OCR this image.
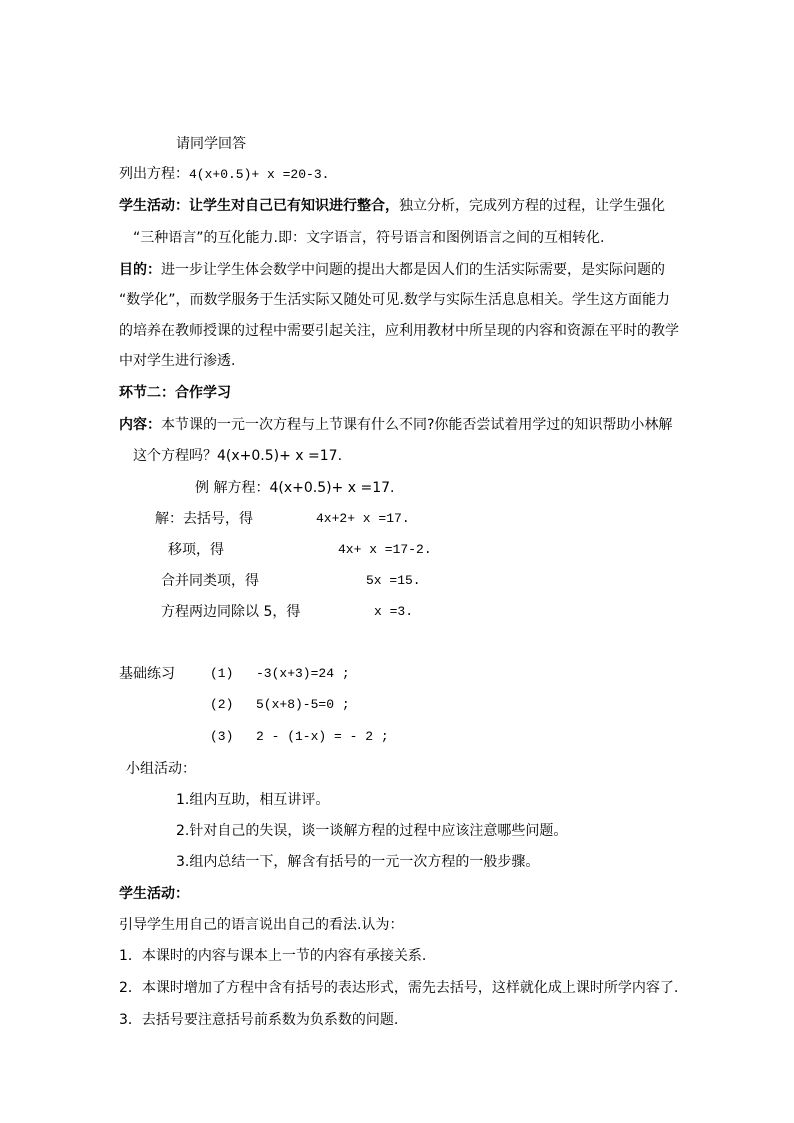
请同学回答
列出方程：4(x+0.5)+ x =20-3.
学生活动：让学生对自己已有知识进行整合，独立分析，完成列方程的过程，让学生强化
“三种语言”的互化能力.即：文字语言，符号语言和图例语言之间的互相转化.
目的：进一步让学生体会数学中问题的提出大都是因人们的生活实际需要，是实际问题的
“数学化”，而数学服务于生活实际又随处可见.数学与实际生活息息相关。学生这方面能力
的培养在教师授课的过程中需要引起关注，应利用教材中所呈现的内容和资源在平时的教学
中对学生进行渗透.
环节二：合作学习
内容：本节课的一元一次方程与上节课有什么不同?你能否尝试着用学过的知识帮助小林解
这个方程吗？4(x+0.5)+ x =17.
例 解方程：4(x+0.5)+ x =17.
解：去括号，得	4x+2+ x =17.
移项，得	4x+ x =17-2.
合并同类项，得	5x =15.
方程两边同除以 5，得	x =3.
基础练习	(1) -3(x+3)=24 ;
(2) 5(x+8)-5=0 ;
(3) 2 - (1-x) = - 2 ;
小组活动：
1.组内互助，相互讲评。
2.针对自己的失误，谈一谈解方程的过程中应该注意哪些问题。
3.组内总结一下，解含有括号的一元一次方程的一般步骤。
学生活动：
引导学生用自己的语言说出自己的看法.认为：
1．本课时的内容与课本上一节的内容有承接关系.
2．本课时增加了方程中含有括号的表达形式，需先去括号，这样就化成上课时所学内容了.
3．去括号要注意括号前系数为负系数的问题.
